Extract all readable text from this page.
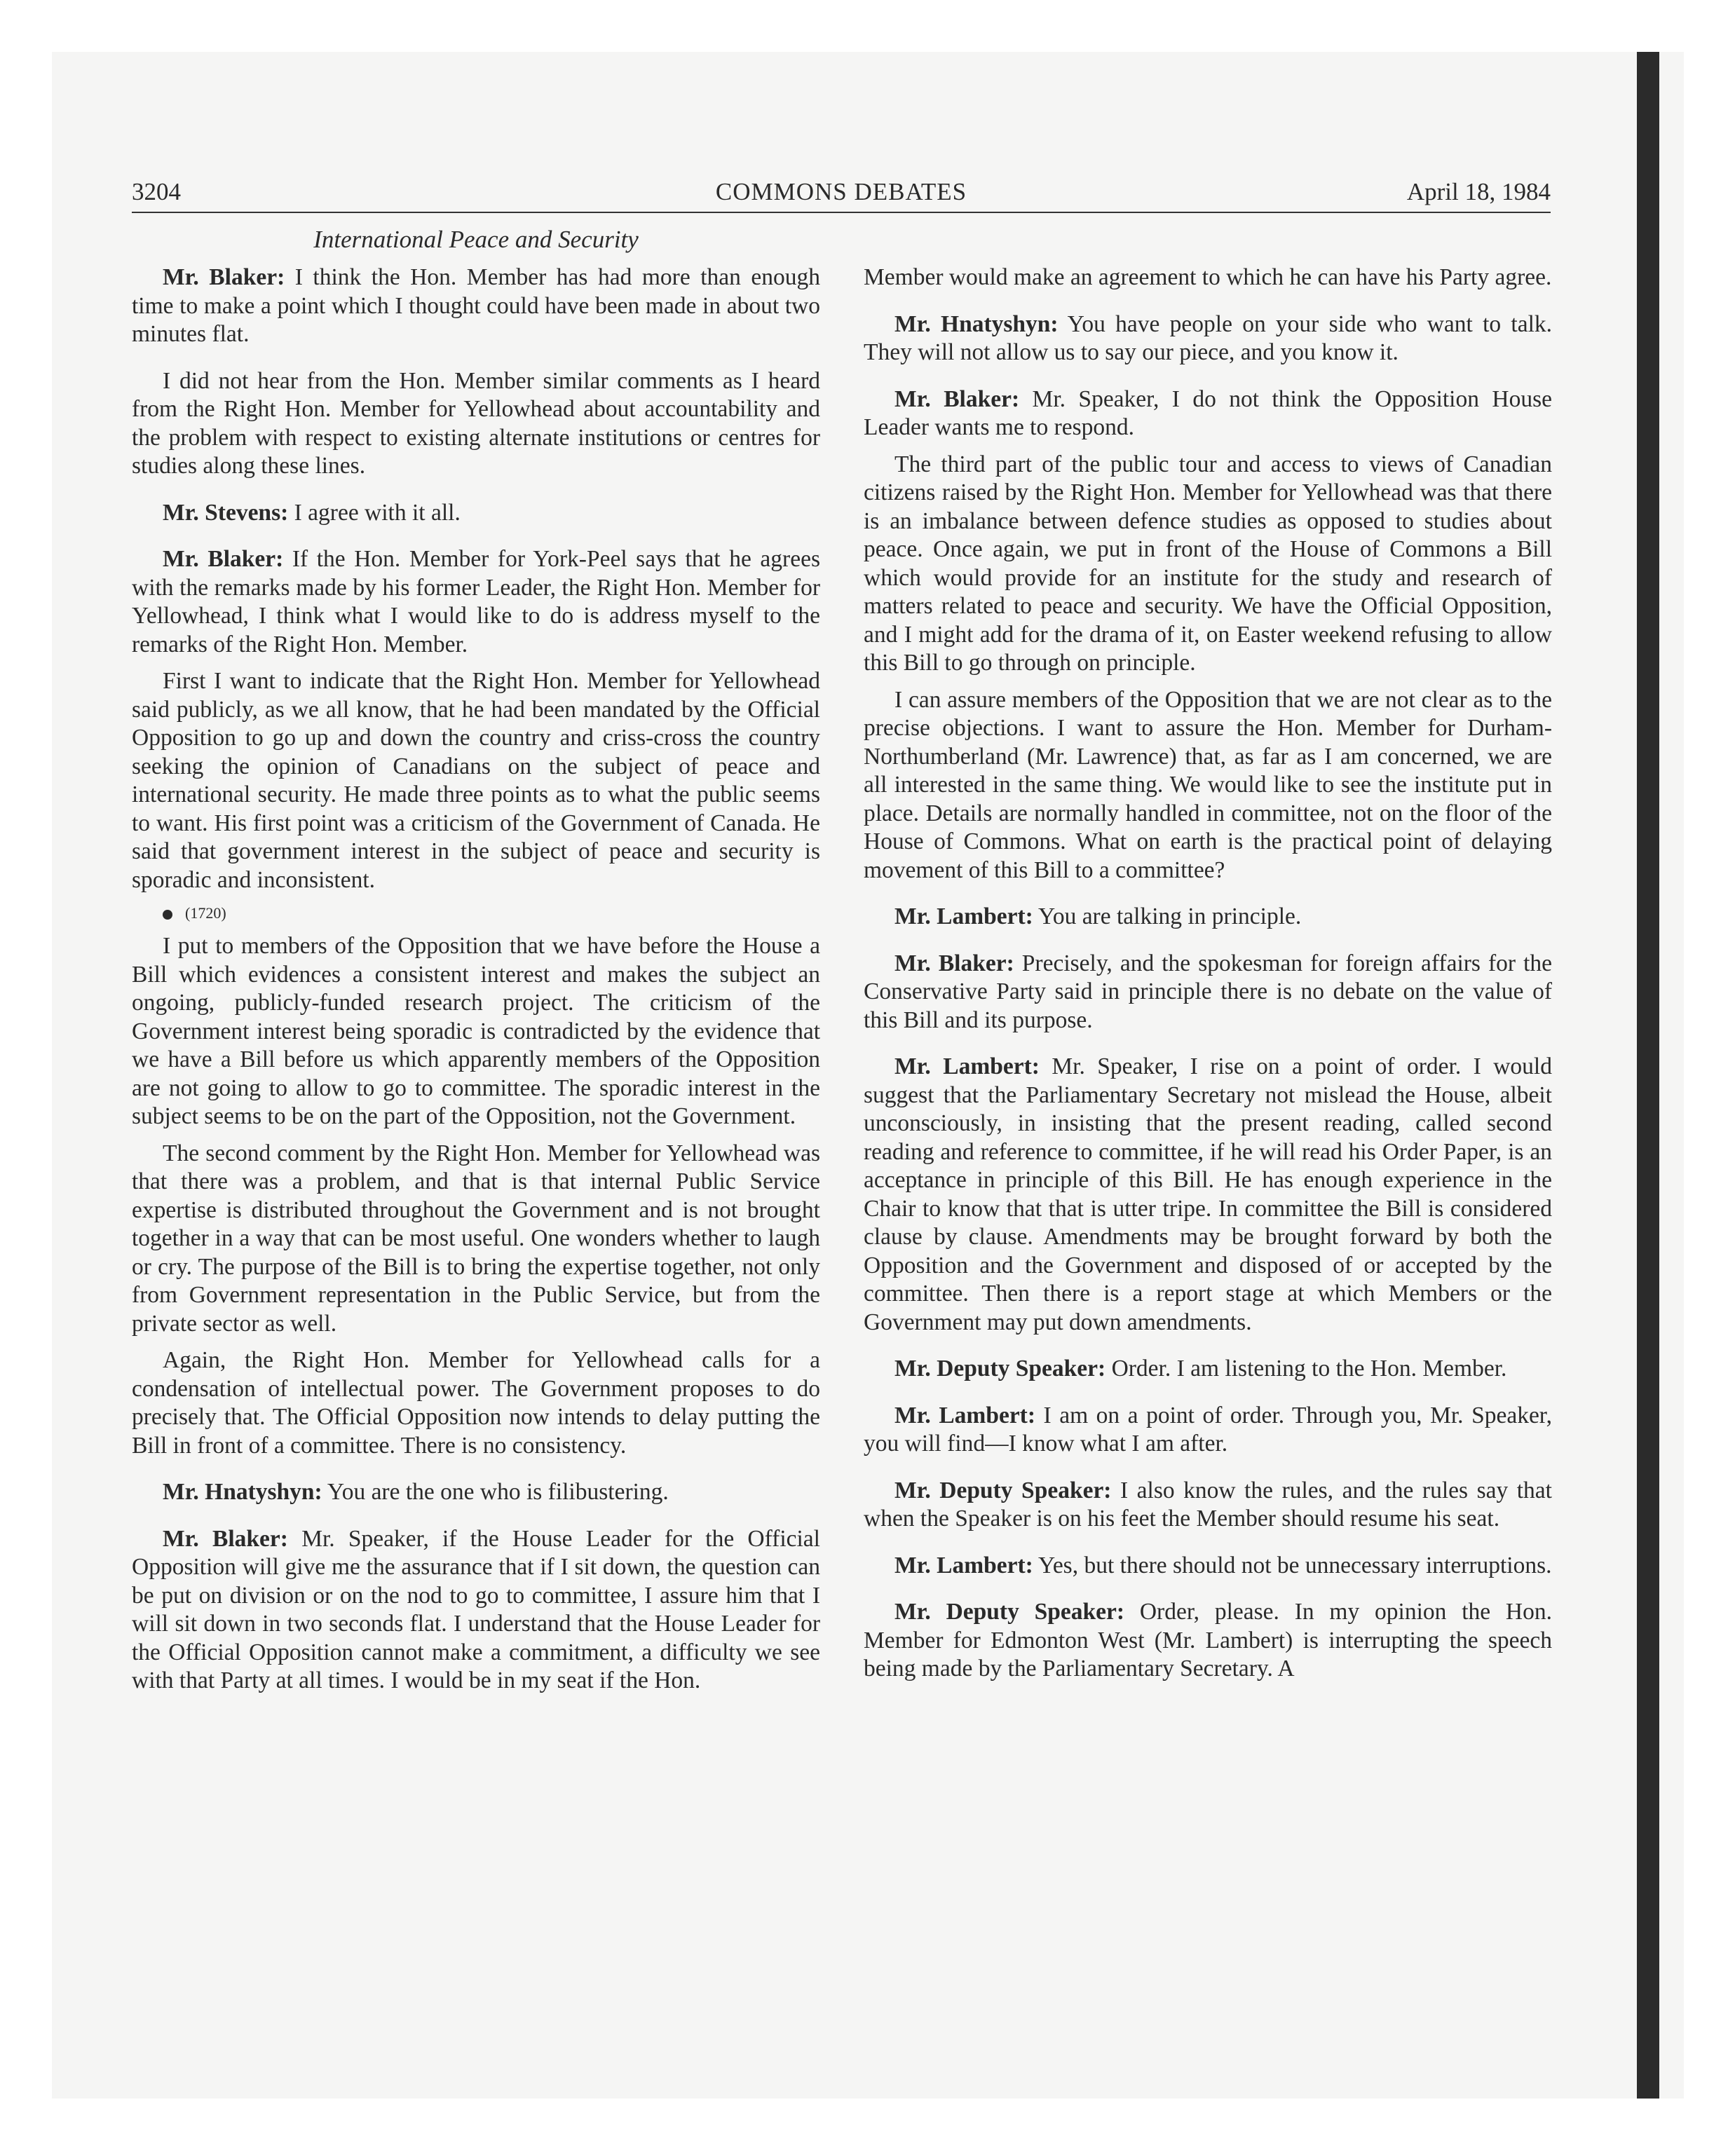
3204	COMMONS DEBATES	April 18, 1984
International Peace and Security

Mr. Blaker: I think the Hon. Member has had more than enough time to make a point which I thought could have been made in about two minutes flat.

I did not hear from the Hon. Member similar comments as I heard from the Right Hon. Member for Yellowhead about accountability and the problem with respect to existing alternate institutions or centres for studies along these lines.

Mr. Stevens: I agree with it all.

Mr. Blaker: If the Hon. Member for York-Peel says that he agrees with the remarks made by his former Leader, the Right Hon. Member for Yellowhead, I think what I would like to do is address myself to the remarks of the Right Hon. Member.

First I want to indicate that the Right Hon. Member for Yellowhead said publicly, as we all know, that he had been mandated by the Official Opposition to go up and down the country and criss-cross the country seeking the opinion of Canadians on the subject of peace and international security. He made three points as to what the public seems to want. His first point was a criticism of the Government of Canada. He said that government interest in the subject of peace and security is sporadic and inconsistent.

(1720)

I put to members of the Opposition that we have before the House a Bill which evidences a consistent interest and makes the subject an ongoing, publicly-funded research project. The criticism of the Government interest being sporadic is contradicted by the evidence that we have a Bill before us which apparently members of the Opposition are not going to allow to go to committee. The sporadic interest in the subject seems to be on the part of the Opposition, not the Government.

The second comment by the Right Hon. Member for Yellowhead was that there was a problem, and that is that internal Public Service expertise is distributed throughout the Government and is not brought together in a way that can be most useful. One wonders whether to laugh or cry. The purpose of the Bill is to bring the expertise together, not only from Government representation in the Public Service, but from the private sector as well.

Again, the Right Hon. Member for Yellowhead calls for a condensation of intellectual power. The Government proposes to do precisely that. The Official Opposition now intends to delay putting the Bill in front of a committee. There is no consistency.

Mr. Hnatyshyn: You are the one who is filibustering.

Mr. Blaker: Mr. Speaker, if the House Leader for the Official Opposition will give me the assurance that if I sit down, the question can be put on division or on the nod to go to committee, I assure him that I will sit down in two seconds flat. I understand that the House Leader for the Official Opposition cannot make a commitment, a difficulty we see with that Party at all times. I would be in my seat if the Hon.

Member would make an agreement to which he can have his Party agree.

Mr. Hnatyshyn: You have people on your side who want to talk. They will not allow us to say our piece, and you know it.

Mr. Blaker: Mr. Speaker, I do not think the Opposition House Leader wants me to respond.

The third part of the public tour and access to views of Canadian citizens raised by the Right Hon. Member for Yellowhead was that there is an imbalance between defence studies as opposed to studies about peace. Once again, we put in front of the House of Commons a Bill which would provide for an institute for the study and research of matters related to peace and security. We have the Official Opposition, and I might add for the drama of it, on Easter weekend refusing to allow this Bill to go through on principle.

I can assure members of the Opposition that we are not clear as to the precise objections. I want to assure the Hon. Member for Durham-Northumberland (Mr. Lawrence) that, as far as I am concerned, we are all interested in the same thing. We would like to see the institute put in place. Details are normally handled in committee, not on the floor of the House of Commons. What on earth is the practical point of delaying movement of this Bill to a committee?

Mr. Lambert: You are talking in principle.

Mr. Blaker: Precisely, and the spokesman for foreign affairs for the Conservative Party said in principle there is no debate on the value of this Bill and its purpose.

Mr. Lambert: Mr. Speaker, I rise on a point of order. I would suggest that the Parliamentary Secretary not mislead the House, albeit unconsciously, in insisting that the present reading, called second reading and reference to committee, if he will read his Order Paper, is an acceptance in principle of this Bill. He has enough experience in the Chair to know that that is utter tripe. In committee the Bill is considered clause by clause. Amendments may be brought forward by both the Opposition and the Government and disposed of or accepted by the committee. Then there is a report stage at which Members or the Government may put down amendments.

Mr. Deputy Speaker: Order. I am listening to the Hon. Member.

Mr. Lambert: I am on a point of order. Through you, Mr. Speaker, you will find—I know what I am after.

Mr. Deputy Speaker: I also know the rules, and the rules say that when the Speaker is on his feet the Member should resume his seat.

Mr. Lambert: Yes, but there should not be unnecessary interruptions.

Mr. Deputy Speaker: Order, please. In my opinion the Hon. Member for Edmonton West (Mr. Lambert) is interrupting the speech being made by the Parliamentary Secretary. A
